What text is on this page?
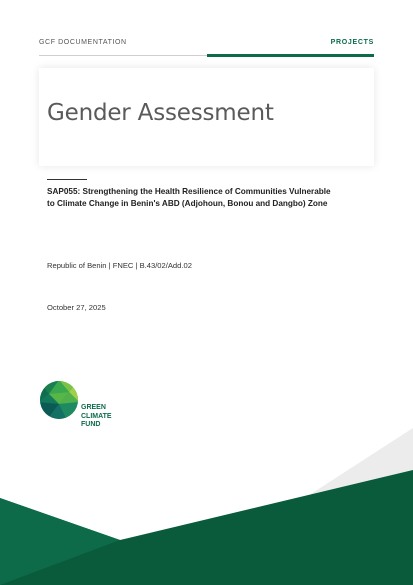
GCF DOCUMENTATION	PROJECTS
Gender Assessment
SAP055: Strengthening the Health Resilience of Communities Vulnerable
to Climate Change in Benin's ABD (Adjohoun, Bonou and Dangbo) Zone
Republic of Benin | FNEC | B.43/02/Add.02
October 27, 2025
GREEN
CLIMATE
FUND
